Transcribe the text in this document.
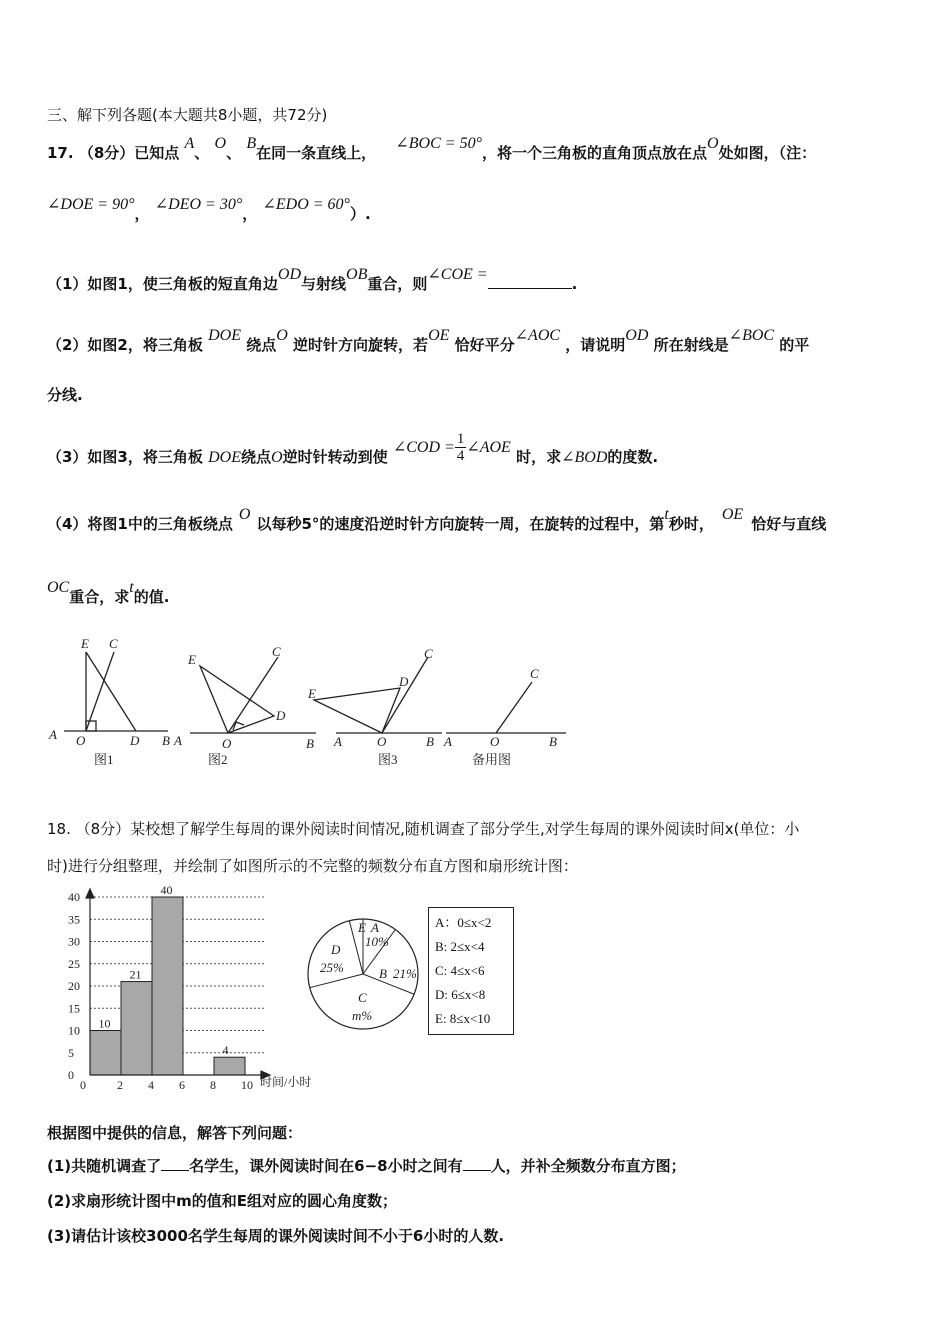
三、解下列各题(本大题共8小题，共72分)
17. （8分）已知点 A、 O、 B在同一条直线上， ∠BOC = 50°，将一个三角板的直角顶点放在点O处如图，（注：
∠DOE = 90°， ∠DEO = 30°， ∠EDO = 60°）.
（1）如图1，使三角板的短直角边OD与射线OB重合，则∠COE =.
（2）如图2，将三角板 DOE 绕点O 逆时针方向旋转，若OE 恰好平分∠AOC ，请说明OD 所在射线是∠BOC 的平
分线.
（3）如图3，将三角板 DOE绕点O逆时针转动到使 ∠COD = $\frac{1}{4}$ ∠AOE 时，求∠BOD的度数.
（4）将图1中的三角板绕点O以每秒5°的速度沿逆时针方向旋转一周，在旋转的过程中，第t秒时，OE恰好与直线
OC重合，求t的值.
E C
A O	D B A
E
C
D
O	B
E
C
D
A	O	B A	O
C
B
图1	图2	图3	备用图
18. （8分）某校想了解学生每周的课外阅读时间情况,随机调查了部分学生,对学生每周的课外阅读时间x(单位：小
时)进行分组整理，并绘制了如图所示的不完整的频数分布直方图和扇形统计图：
0
5
10
15
20
25
30
35
40
0	2 4 6 8 10
10
21
40
4
时间/小时
D
25%
E A
10%
B 21%
C
m%
A：0≤x<2
B: 2≤x<4
C: 4≤x<6
D: 6≤x<8
E: 8≤x<10
根据图中提供的信息，解答下列问题：
(1)共随机调查了 名学生，课外阅读时间在6−8小时之间有 人，并补全频数分布直方图；
(2)求扇形统计图中m的值和E组对应的圆心角度数；
(3)请估计该校3000名学生每周的课外阅读时间不小于6小时的人数.
